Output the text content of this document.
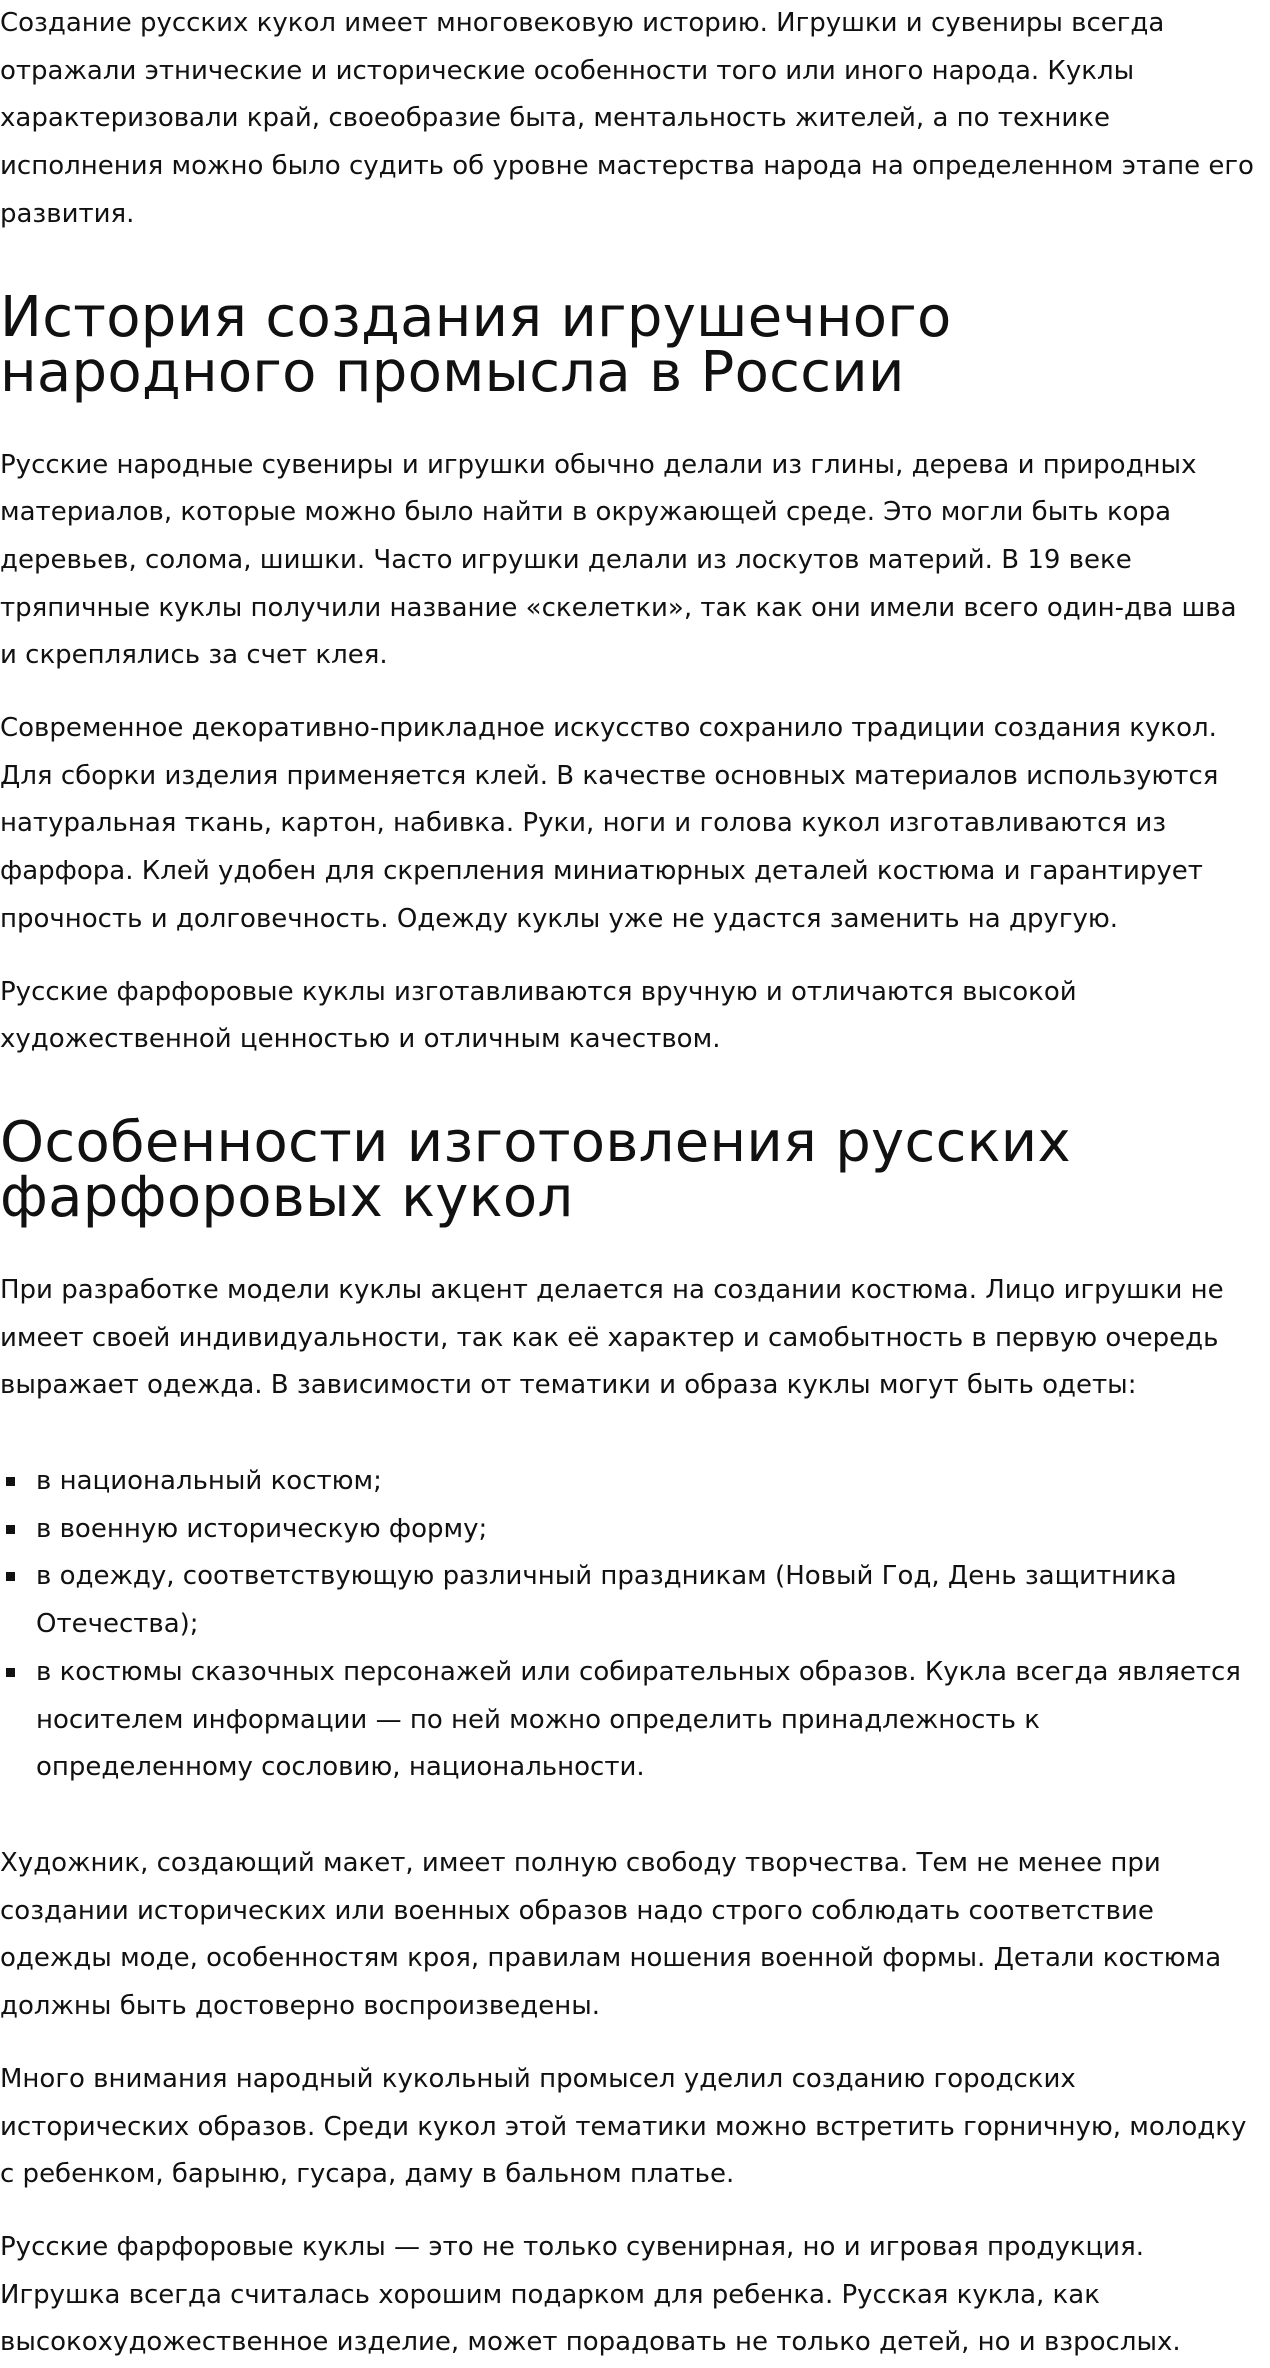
Создание русских кукол имеет многовековую историю. Игрушки и сувениры всегда отражали этнические и исторические особенности того или иного народа. Куклы характеризовали край, своеобразие быта, ментальность жителей, а по технике исполнения можно было судить об уровне мастерства народа на определенном этапе его развития.

История создания игрушечного народного промысла в России

Русские народные сувениры и игрушки обычно делали из глины, дерева и природных материалов, которые можно было найти в окружающей среде. Это могли быть кора деревьев, солома, шишки. Часто игрушки делали из лоскутов материй. В 19 веке тряпичные куклы получили название «скелетки», так как они имели всего один-два шва и скреплялись за счет клея.

Современное декоративно-прикладное искусство сохранило традиции создания кукол. Для сборки изделия применяется клей. В качестве основных материалов используются натуральная ткань, картон, набивка. Руки, ноги и голова кукол изготавливаются из фарфора. Клей удобен для скрепления миниатюрных деталей костюма и гарантирует прочность и долговечность. Одежду куклы уже не удастся заменить на другую.

Русские фарфоровые куклы изготавливаются вручную и отличаются высокой художественной ценностью и отличным качеством.

Особенности изготовления русских фарфоровых кукол

При разработке модели куклы акцент делается на создании костюма. Лицо игрушки не имеет своей индивидуальности, так как её характер и самобытность в первую очередь выражает одежда. В зависимости от тематики и образа куклы могут быть одеты:

в национальный костюм;
в военную историческую форму;
в одежду, соответствующую различный праздникам (Новый Год, День защитника Отечества);
в костюмы сказочных персонажей или собирательных образов. Кукла всегда является носителем информации — по ней можно определить принадлежность к определенному сословию, национальности.

Художник, создающий макет, имеет полную свободу творчества. Тем не менее при создании исторических или военных образов надо строго соблюдать соответствие одежды моде, особенностям кроя, правилам ношения военной формы. Детали костюма должны быть достоверно воспроизведены.

Много внимания народный кукольный промысел уделил созданию городских исторических образов. Среди кукол этой тематики можно встретить горничную, молодку с ребенком, барыню, гусара, даму в бальном платье.

Русские фарфоровые куклы — это не только сувенирная, но и игровая продукция. Игрушка всегда считалась хорошим подарком для ребенка. Русская кукла, как высокохудожественное изделие, может порадовать не только детей, но и взрослых.
